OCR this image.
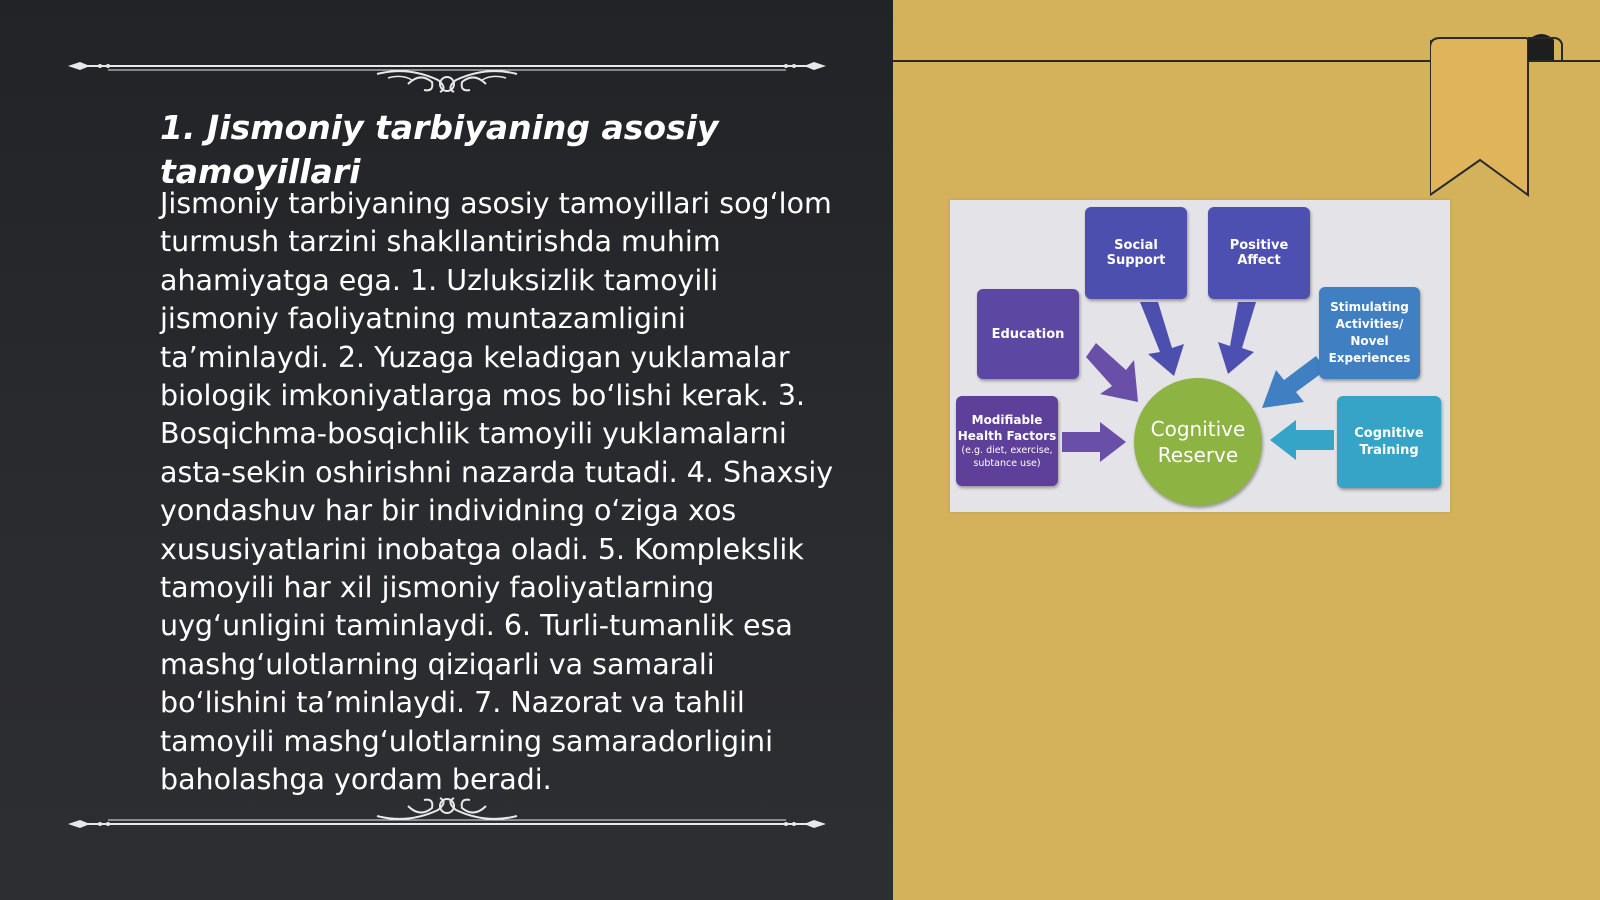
1. Jismoniy tarbiyaning asosiy tamoyillari

Jismoniy tarbiyaning asosiy tamoyillari sog‘lom turmush tarzini shakllantirishda muhim ahamiyatga ega. 1. Uzluksizlik tamoyili jismoniy faoliyatning muntazamligini ta’minlaydi. 2. Yuzaga keladigan yuklamalar biologik imkoniyatlarga mos bo‘lishi kerak. 3. Bosqichma-bosqichlik tamoyili yuklamalarni asta-sekin oshirishni nazarda tutadi. 4. Shaxsiy yondashuv har bir individning o‘ziga xos xususiyatlarini inobatga oladi. 5. Komplekslik tamoyili har xil jismoniy faoliyatlarning uyg‘unligini taminlaydi. 6. Turli-tumanlik esa mashg‘ulotlarning qiziqarli va samarali bo‘lishini ta’minlaydi. 7. Nazorat va tahlil tamoyili mashg‘ulotlarning samaradorligini baholashga yordam beradi.

Social Support
Positive Affect
Education
Stimulating Activities/ Novel Experiences
Modifiable Health Factors
(e.g. diet, exercise, subtance use)
Cognitive Training
Cognitive Reserve
